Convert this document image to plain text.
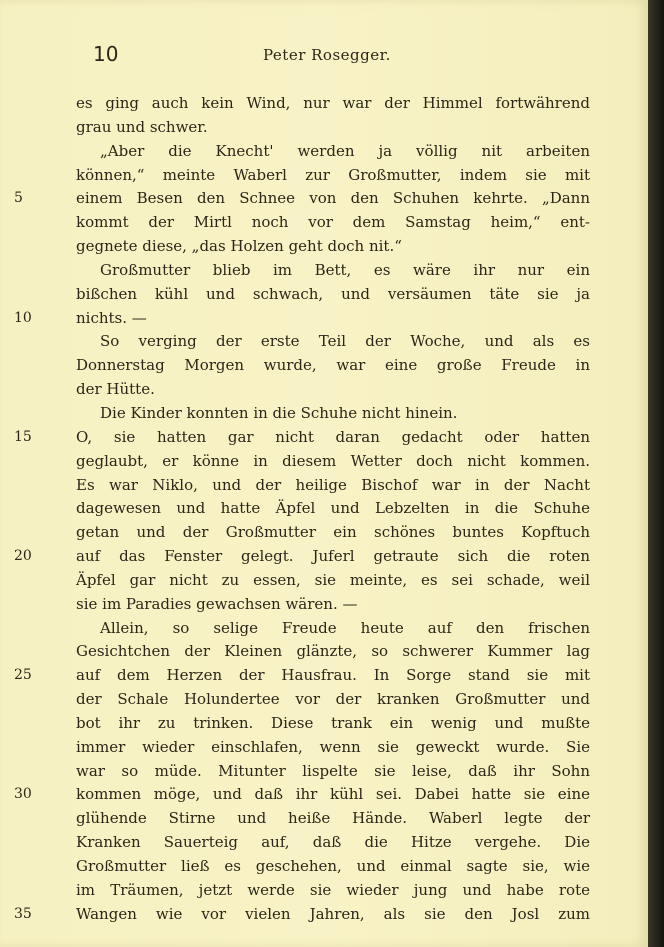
10	Peter Rosegger.
es ging auch kein Wind, nur war der Himmel fortwährend
grau und schwer.
„Aber die Knecht' werden ja völlig nit arbeiten
können,“ meinte Waberl zur Großmutter, indem sie mit
5	einem Besen den Schnee von den Schuhen kehrte. „Dann
kommt der Mirtl noch vor dem Samstag heim,“ ent-
gegnete diese, „das Holzen geht doch nit.“
Großmutter blieb im Bett, es wäre ihr nur ein
bißchen kühl und schwach, und versäumen täte sie ja
10	nichts. —
So verging der erste Teil der Woche, und als es
Donnerstag Morgen wurde, war eine große Freude in
der Hütte.
Die Kinder konnten in die Schuhe nicht hinein.
15	O, sie hatten gar nicht daran gedacht oder hatten
geglaubt, er könne in diesem Wetter doch nicht kommen.
Es war Niklo, und der heilige Bischof war in der Nacht
dagewesen und hatte Äpfel und Lebzelten in die Schuhe
getan und der Großmutter ein schönes buntes Kopftuch
20	auf das Fenster gelegt. Juferl getraute sich die roten
Äpfel gar nicht zu essen, sie meinte, es sei schade, weil
sie im Paradies gewachsen wären. —
Allein, so selige Freude heute auf den frischen
Gesichtchen der Kleinen glänzte, so schwerer Kummer lag
25	auf dem Herzen der Hausfrau. In Sorge stand sie mit
der Schale Holunderteе vor der kranken Großmutter und
bot ihr zu trinken. Diese trank ein wenig und mußte
immer wieder einschlafen, wenn sie geweckt wurde. Sie
war so müde. Mitunter lispelte sie leise, daß ihr Sohn
30	kommen möge, und daß ihr kühl sei. Dabei hatte sie eine
glühende Stirne und heiße Hände. Waberl legte der
Kranken Sauerteig auf, daß die Hitze vergehe. Die
Großmutter ließ es geschehen, und einmal sagte sie, wie
im Träumen, jetzt werde sie wieder jung und habe rote
35	Wangen wie vor vielen Jahren, als sie den Josl zum
